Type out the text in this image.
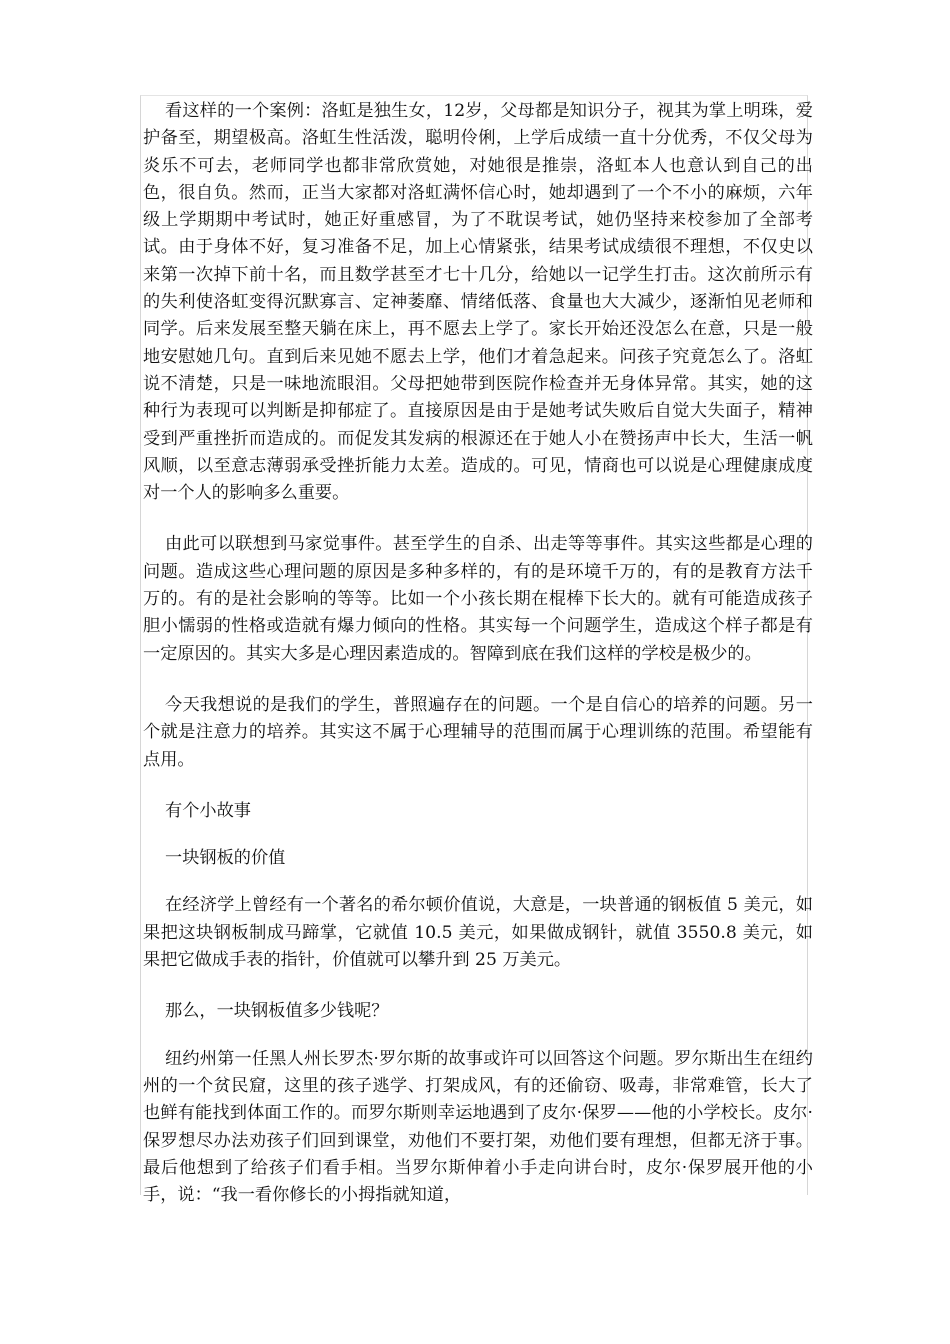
看这样的一个案例：洛虹是独生女，12岁，父母都是知识分子，视其为掌上明珠，爱护备至，期望极高。洛虹生性活泼，聪明伶俐，上学后成绩一直十分优秀，不仅父母为炎乐不可去，老师同学也都非常欣赏她，对她很是推崇，洛虹本人也意认到自己的出色，很自负。然而，正当大家都对洛虹满怀信心时，她却遇到了一个不小的麻烦，六年级上学期期中考试时，她正好重感冒，为了不耽误考试，她仍坚持来校参加了全部考试。由于身体不好，复习准备不足，加上心情紧张，结果考试成绩很不理想，不仅史以来第一次掉下前十名，而且数学甚至才七十几分，给她以一记学生打击。这次前所示有的失利使洛虹变得沉默寡言、定神萎靡、情绪低落、食量也大大减少，逐渐怕见老师和同学。后来发展至整天躺在床上，再不愿去上学了。家长开始还没怎么在意，只是一般地安慰她几句。直到后来见她不愿去上学，他们才着急起来。问孩子究竟怎么了。洛虹说不清楚，只是一味地流眼泪。父母把她带到医院作检查并无身体异常。其实，她的这种行为表现可以判断是抑郁症了。直接原因是由于是她考试失败后自觉大失面子，精神受到严重挫折而造成的。而促发其发病的根源还在于她人小在赞扬声中长大，生活一帆风顺，以至意志薄弱承受挫折能力太差。造成的。可见，情商也可以说是心理健康成度对一个人的影响多么重要。

由此可以联想到马家觉事件。甚至学生的自杀、出走等等事件。其实这些都是心理的问题。造成这些心理问题的原因是多种多样的，有的是环境千万的，有的是教育方法千万的。有的是社会影响的等等。比如一个小孩长期在棍棒下长大的。就有可能造成孩子胆小懦弱的性格或造就有爆力倾向的性格。其实每一个问题学生，造成这个样子都是有一定原因的。其实大多是心理因素造成的。智障到底在我们这样的学校是极少的。

今天我想说的是我们的学生，普照遍存在的问题。一个是自信心的培养的问题。另一个就是注意力的培养。其实这不属于心理辅导的范围而属于心理训练的范围。希望能有点用。

有个小故事

一块钢板的价值

在经济学上曾经有一个著名的希尔顿价值说，大意是，一块普通的钢板值 5 美元，如果把这块钢板制成马蹄掌，它就值 10.5 美元，如果做成钢针，就值 3550.8 美元，如果把它做成手表的指针，价值就可以攀升到 25 万美元。

那么，一块钢板值多少钱呢？

纽约州第一任黑人州长罗杰·罗尔斯的故事或许可以回答这个问题。罗尔斯出生在纽约州的一个贫民窟，这里的孩子逃学、打架成风，有的还偷窃、吸毒，非常难管，长大了也鲜有能找到体面工作的。而罗尔斯则幸运地遇到了皮尔·保罗——他的小学校长。皮尔·保罗想尽办法劝孩子们回到课堂，劝他们不要打架，劝他们要有理想，但都无济于事。最后他想到了给孩子们看手相。当罗尔斯伸着小手走向讲台时，皮尔·保罗展开他的小手，说：“我一看你修长的小拇指就知道，
